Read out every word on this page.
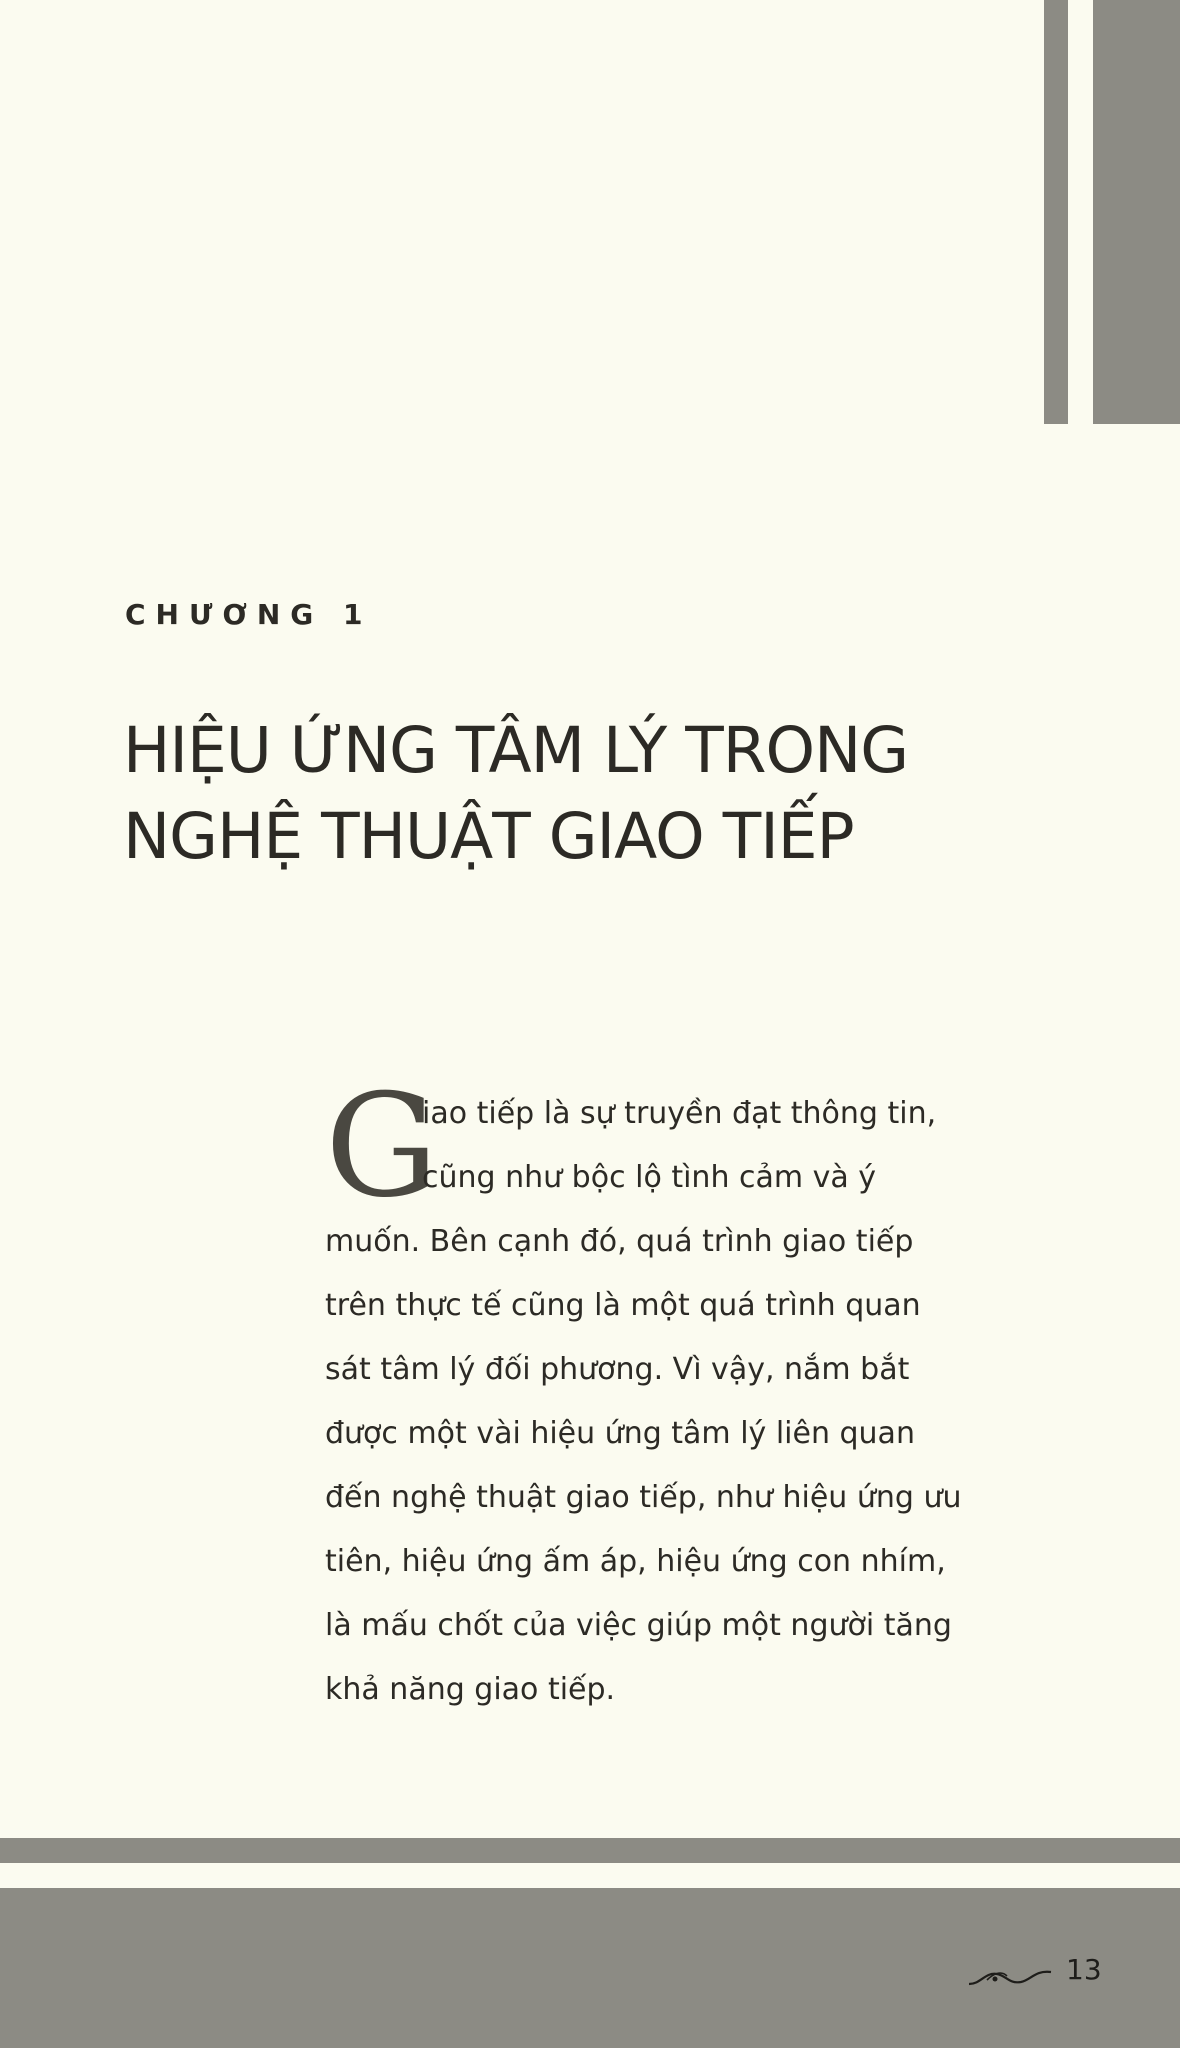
CHƯƠNG 1
HIỆU ỨNG TÂM LÝ TRONG
NGHỆ THUẬT GIAO TIẾP
G
iao tiếp là sự truyền đạt thông tin,
cũng như bộc lộ tình cảm và ý
muốn. Bên cạnh đó, quá trình giao tiếp
trên thực tế cũng là một quá trình quan
sát tâm lý đối phương. Vì vậy, nắm bắt
được một vài hiệu ứng tâm lý liên quan
đến nghệ thuật giao tiếp, như hiệu ứng ưu
tiên, hiệu ứng ấm áp, hiệu ứng con nhím,
là mấu chốt của việc giúp một người tăng
khả năng giao tiếp.
13
